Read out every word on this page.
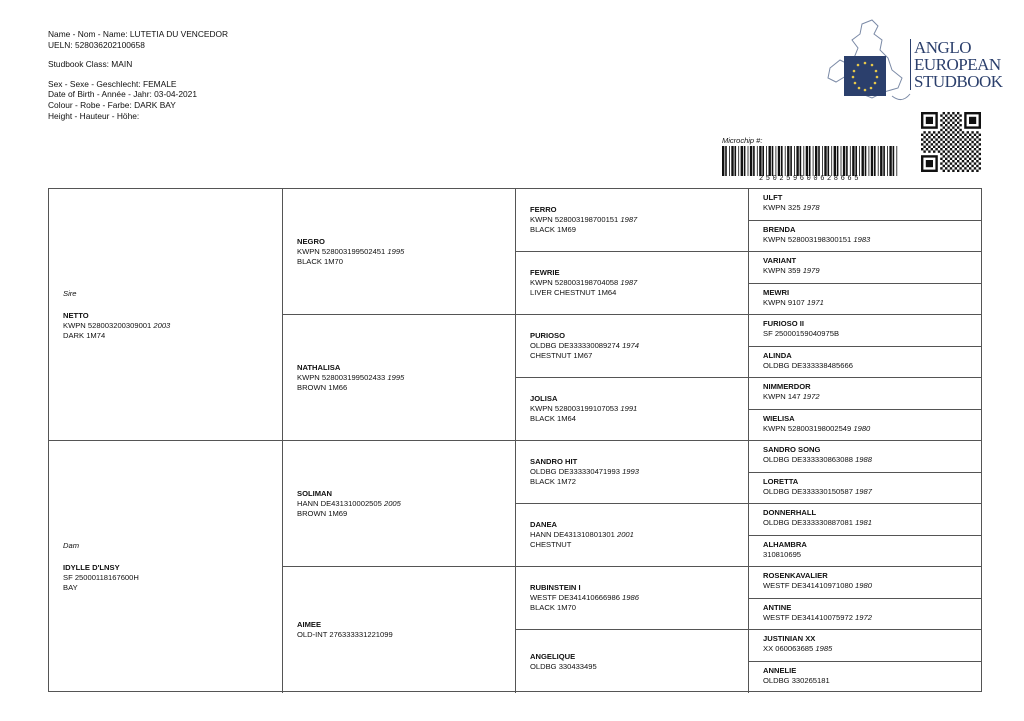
Name - Nom - Name: LUTETIA DU VENCEDOR
UELN: 528036202100658
Studbook Class: MAIN
Sex - Sexe - Geschlecht: FEMALE
Date of Birth - Année - Jahr: 03-04-2021
Colour - Robe - Farbe: DARK BAY
Height - Hauteur - Höhe:
ANGLO
EUROPEAN
STUDBOOK
Microchip #:
250259600628665
Sire
NETTO
KWPN 528003200309001 2003
DARK 1M74
Dam
IDYLLE D'LNSY
SF 25000118167600H
BAY
NEGRO
KWPN 528003199502451 1995
BLACK 1M70
NATHALISA
KWPN 528003199502433 1995
BROWN 1M66
SOLIMAN
HANN DE431310002505 2005
BROWN 1M69
AIMEE
OLD-INT 276333331221099
FERRO
KWPN 528003198700151 1987
BLACK 1M69
FEWRIE
KWPN 528003198704058 1987
LIVER CHESTNUT 1M64
PURIOSO
OLDBG DE333330089274 1974
CHESTNUT 1M67
JOLISA
KWPN 528003199107053 1991
BLACK 1M64
SANDRO HIT
OLDBG DE333330471993 1993
BLACK 1M72
DANEA
HANN DE431310801301 2001
CHESTNUT
RUBINSTEIN I
WESTF DE341410666986 1986
BLACK 1M70
ANGELIQUE
OLDBG 330433495
ULFT
KWPN 325 1978
BRENDA
KWPN 528003198300151 1983
VARIANT
KWPN 359 1979
MEWRI
KWPN 9107 1971
FURIOSO II
SF 25000159040975B
ALINDA
OLDBG DE333338485666
NIMMERDOR
KWPN 147 1972
WIELISA
KWPN 528003198002549 1980
SANDRO SONG
OLDBG DE333330863088 1988
LORETTA
OLDBG DE333330150587 1987
DONNERHALL
OLDBG DE333330887081 1981
ALHAMBRA
310810695
ROSENKAVALIER
WESTF DE341410971080 1980
ANTINE
WESTF DE341410075972 1972
JUSTINIAN XX
XX 060063685 1985
ANNELIE
OLDBG 330265181
